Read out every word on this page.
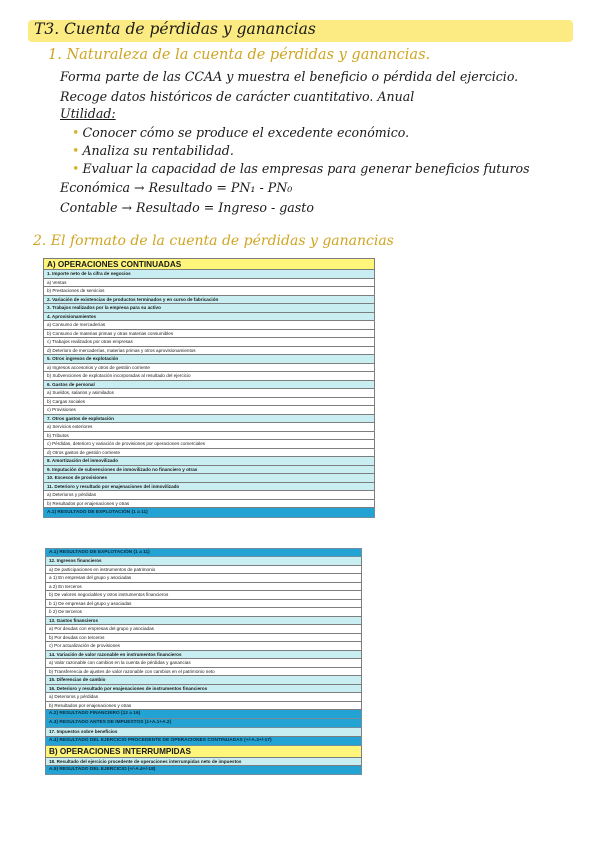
T3. Cuenta de pérdidas y ganancias
1. Naturaleza de la cuenta de pérdidas y ganancias.
Forma parte de las CCAA y muestra el beneficio o pérdida del ejercicio.
Recoge datos históricos de carácter cuantitativo. Anual
Utilidad:
• Conocer cómo se produce el excedente económico.
• Analiza su rentabilidad.
• Evaluar la capacidad de las empresas para generar beneficios futuros
Económica → Resultado = PN₁ - PN₀
Contable → Resultado = Ingreso - gasto
2. El formato de la cuenta de pérdidas y ganancias
A) OPERACIONES CONTINUADAS
1. Importe neto de la cifra de negocios
a) Ventas
b) Prestaciones de servicios
2. Variación de existencias de productos terminados y en curso de fabricación
3. Trabajos realizados por la empresa para su activo
4. Aprovisionamientos
a) Consumo de mercaderías
b) Consumo de materias primas y otras materias consumibles
c) Trabajos realizados por otras empresas
d) Deterioro de mercaderías, materias primas y otros aprovisionamientos
5. Otros ingresos de explotación
a) Ingresos accesorios y otros de gestión corriente
b) Subvenciones de explotación incorporadas al resultado del ejercicio
6. Gastos de personal
a) Sueldos, salarios y asimilados
b) Cargas sociales
c) Provisiones
7. Otros gastos de explotación
a) Servicios exteriores
b) Tributos
c) Pérdidas, deterioro y variación de provisiones por operaciones comerciales
d) Otros gastos de gestión corriente
8. Amortización del inmovilizado
9. Imputación de subvenciones de inmovilizado no financiero y otras
10. Excesos de provisiones
11. Deterioro y resultado por enajenaciones del inmovilizado
a) Deterioros y pérdidas
b) Resultados por enajenaciones y otras
A.1) RESULTADO DE EXPLOTACIÓN (1 a 11)
A.1) RESULTADO DE EXPLOTACIÓN (1 a 11)
12. Ingresos financieros
a) De participaciones en instrumentos de patrimonio
a 1) En empresas del grupo y asociadas
a 2) En terceros
b) De valores negociables y otros instrumentos financieros
b 1) De empresas del grupo y asociadas
b 2) De terceros
13. Gastos financieros
a) Por deudas con empresas del grupo y asociadas
b) Por deudas con terceros
c) Por actualización de provisiones
14. Variación de valor razonable en instrumentos financieros
a) Valor razonable con cambios en la cuenta de pérdidas y ganancias
b) Transferencia de ajustes de valor razonable con cambios en el patrimonio neto
15. Diferencias de cambio
16. Deterioro y resultado por enajenaciones de instrumentos financieros
a) Deterioros y pérdidas
b) Resultados por enajenaciones y otras
A.2) RESULTADO FINANCIERO (12 a 16)
A.3) RESULTADO ANTES DE IMPUESTOS (1+A.1+A.2)
17. Impuestos sobre beneficios
A.4) RESULTADO DEL EJERCICIO PROCEDENTE DE OPERACIONES CONTINUADAS (+/-A.3+/-17)
B) OPERACIONES INTERRUMPIDAS
18. Resultado del ejercicio procedente de operaciones interrumpidas neto de impuestos
A.5) RESULTADO DEL EJERCICIO (+/-A.4+/-18)
